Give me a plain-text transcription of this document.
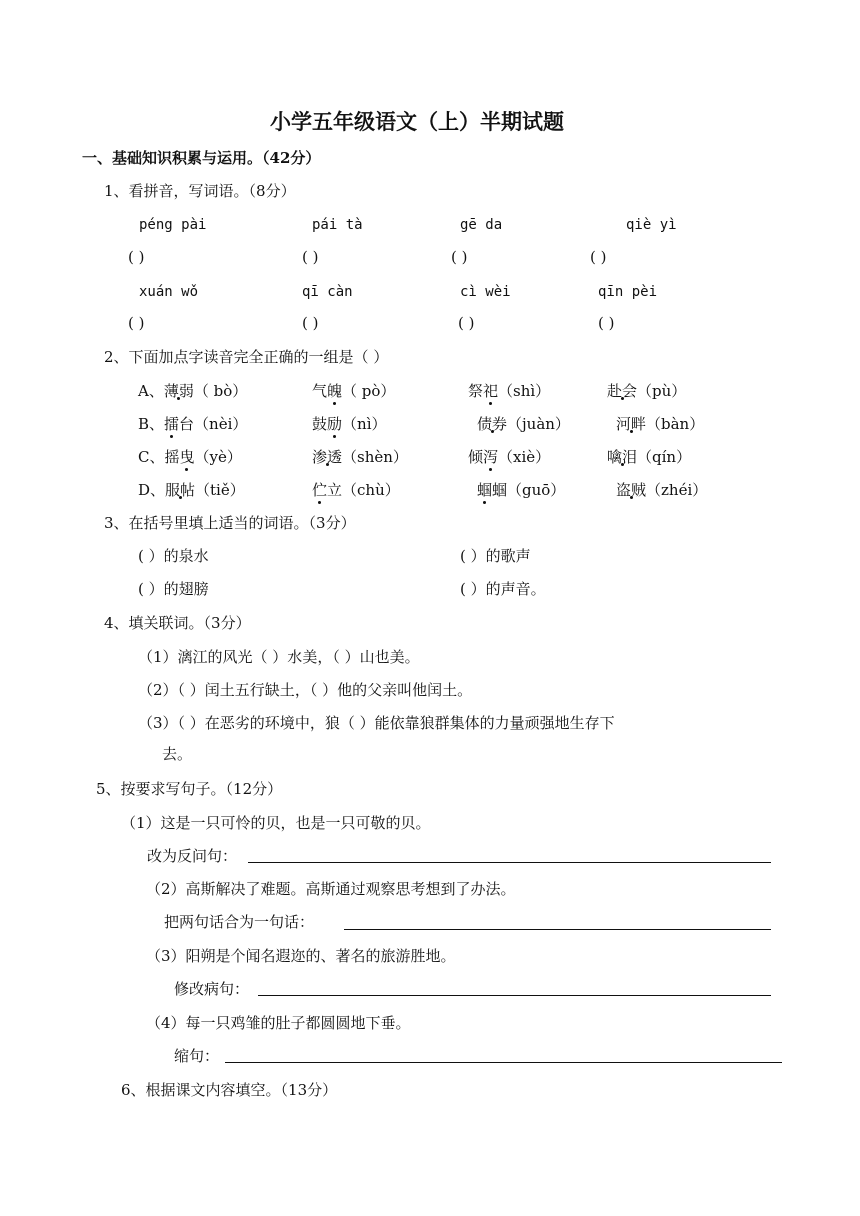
小学五年级语文（上）半期试题
一、基础知识积累与运用。（42分）
1、看拼音，写词语。（8分）
péng pài	pái tà	gē da	qiè yì
( )	( )	( )	( )
xuán wǒ	qī càn	cì wèi	qīn pèi
( )	( )	( )	( )
2、下面加点字读音完全正确的一组是（ ）
A、薄弱（ bò）	气魄（ pò）	祭祀（shì）	赴会（pù）
B、擂台（nèi）	鼓励（nì）	债券（juàn）	河畔（bàn）
C、摇曳（yè）	渗透（shèn）	倾泻（xiè）	噙泪（qín）
D、服帖（tiě）	伫立（chù）	蝈蝈（guō）	盗贼（zhéi）
3、在括号里填上适当的词语。（3分）
( ）的泉水	( ）的歌声
( ）的翅膀	( ）的声音。
4、填关联词。（3分）
（1）漓江的风光（ ）水美，（ ）山也美。
（2）（ ）闰土五行缺土，（ ）他的父亲叫他闰土。
（3）（ ）在恶劣的环境中，狼（ ）能依靠狼群集体的力量顽强地生存下
去。
5、按要求写句子。（12分）
（1）这是一只可怜的贝，也是一只可敬的贝。
改为反问句：
（2）高斯解决了难题。高斯通过观察思考想到了办法。
把两句话合为一句话：
（3）阳朔是个闻名遐迩的、著名的旅游胜地。
修改病句：
（4）每一只鸡雏的肚子都圆圆地下垂。
缩句：
6、根据课文内容填空。（13分）
